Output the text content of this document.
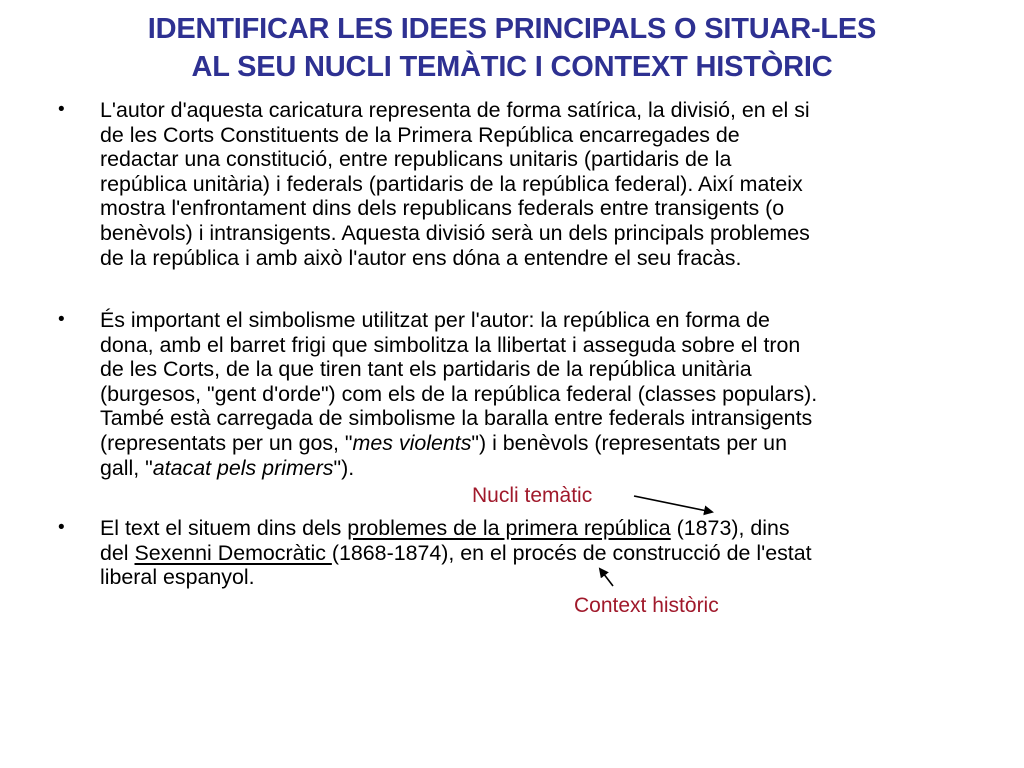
IDENTIFICAR LES IDEES PRINCIPALS O SITUAR-LES
AL SEU NUCLI TEMÀTIC I CONTEXT HISTÒRIC
• L'autor d'aquesta caricatura representa de forma satírica, la divisió, en el si
de les Corts Constituents de la Primera República encarregades de
redactar una constitució, entre republicans unitaris (partidaris de la
república unitària) i federals (partidaris de la república federal). Així mateix
mostra l'enfrontament dins dels republicans federals entre transigents (o
benèvols) i intransigents. Aquesta divisió serà un dels principals problemes
de la república i amb això l'autor ens dóna a entendre el seu fracàs.
• És important el simbolisme utilitzat per l'autor: la república en forma de
dona, amb el barret frigi que simbolitza la llibertat i asseguda sobre el tron
de les Corts, de la que tiren tant els partidaris de la república unitària
(burgesos, "gent d'orde") com els de la república federal (classes populars).
També està carregada de simbolisme la baralla entre federals intransigents
(representats per un gos, "mes violents") i benèvols (representats per un
gall, "atacat pels primers").
• El text el situem dins dels problemes de la primera república (1873), dins
del Sexenni Democràtic (1868-1874), en el procés de construcció de l'estat
liberal espanyol.
Nucli temàtic
Context històric
